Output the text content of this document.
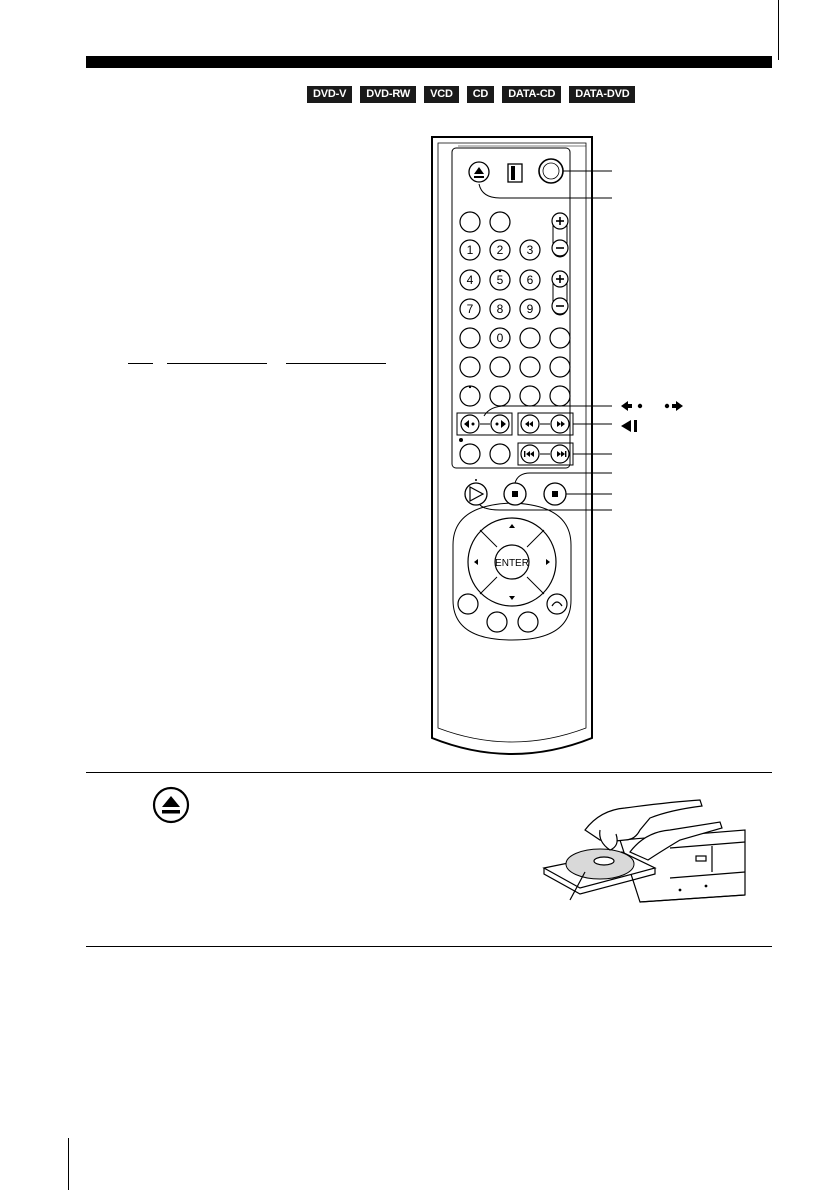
DVD-V	DVD-RW	VCD	CD	DATA-CD	DATA-DVD
1 2 3
4 5 6
7 8 9
0
ENTER
